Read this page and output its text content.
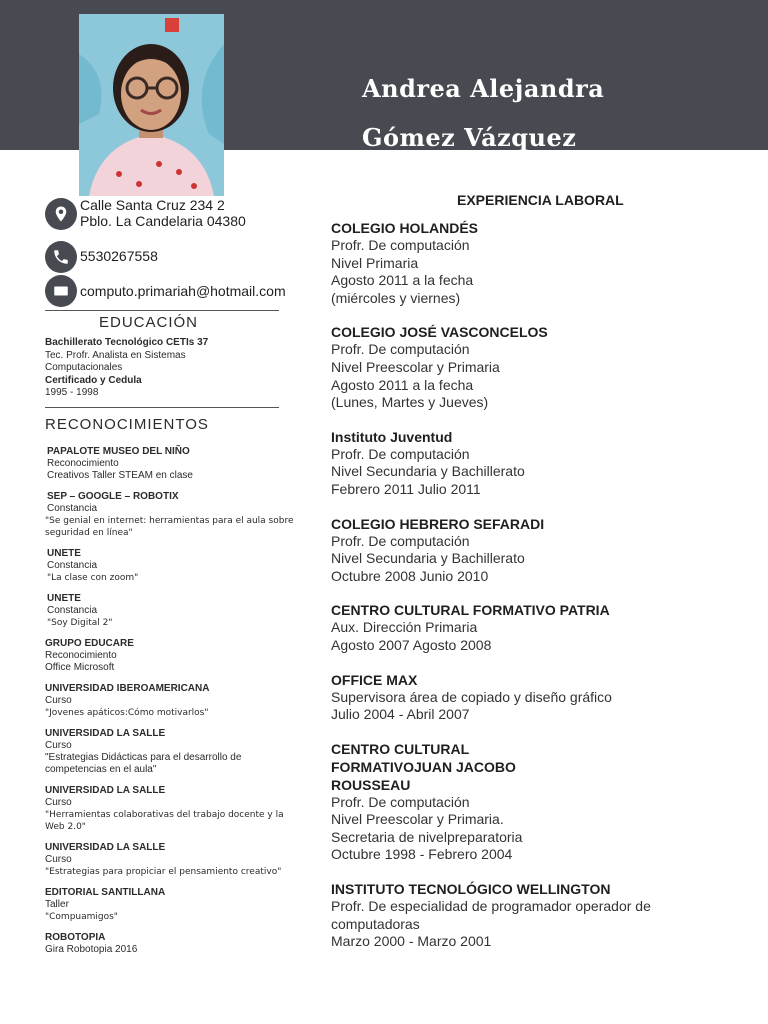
Andrea Alejandra
Gómez Vázquez
Calle Santa Cruz 234 2
Pblo. La Candelaria 04380
5530267558
computo.primariah@hotmail.com
EDUCACIÓN
Bachillerato Tecnológico CETIs 37
Tec. Profr. Analista en Sistemas
Computacionales
Certificado y Cedula
1995 - 1998
RECONOCIMIENTOS
PAPALOTE MUSEO DEL NIÑO
Reconocimiento
Creativos Taller STEAM en clase
SEP – GOOGLE – ROBOTIX
Constancia
"Se genial en internet: herramientas para el aula sobre seguridad en línea"
UNETE
Constancia
"La clase con zoom"
UNETE
Constancia
"Soy Digital 2"
GRUPO EDUCARE
Reconocimiento
Office Microsoft
UNIVERSIDAD IBEROAMERICANA
Curso
"Jovenes apáticos:Cómo motivarlos"
UNIVERSIDAD LA SALLE
Curso
"Estrategias Didácticas para el desarrollo de competencias en el aula"
UNIVERSIDAD LA SALLE
Curso
"Herramientas colaborativas del trabajo docente y la Web 2.0"
UNIVERSIDAD LA SALLE
Curso
"Estrategias para propiciar el pensamiento creativo"
EDITORIAL SANTILLANA
Taller
"Compuamigos"
ROBOTOPIA
Gira Robotopia 2016
EXPERIENCIA LABORAL
COLEGIO HOLANDÉS
Profr. De computación
Nivel Primaria
Agosto 2011 a la fecha
(miércoles y viernes)
COLEGIO JOSÉ VASCONCELOS
Profr. De computación
Nivel Preescolar y Primaria
Agosto 2011 a la fecha
(Lunes, Martes y Jueves)
Instituto Juventud
Profr. De computación
Nivel Secundaria y Bachillerato
Febrero 2011 Julio 2011
COLEGIO HEBRERO SEFARADI
Profr. De computación
Nivel Secundaria y Bachillerato
Octubre 2008 Junio 2010
CENTRO CULTURAL FORMATIVO PATRIA
Aux. Dirección Primaria
Agosto 2007 Agosto 2008
OFFICE MAX
Supervisora área de copiado y diseño gráfico
Julio 2004 - Abril 2007
CENTRO CULTURAL FORMATIVOJUAN JACOBO ROUSSEAU
Profr. De computación
Nivel Preescolar y Primaria.
Secretaria de nivelpreparatoria
Octubre 1998 - Febrero 2004
INSTITUTO TECNOLÓGICO WELLINGTON
Profr. De especialidad de programador operador de computadoras
Marzo 2000 - Marzo 2001
